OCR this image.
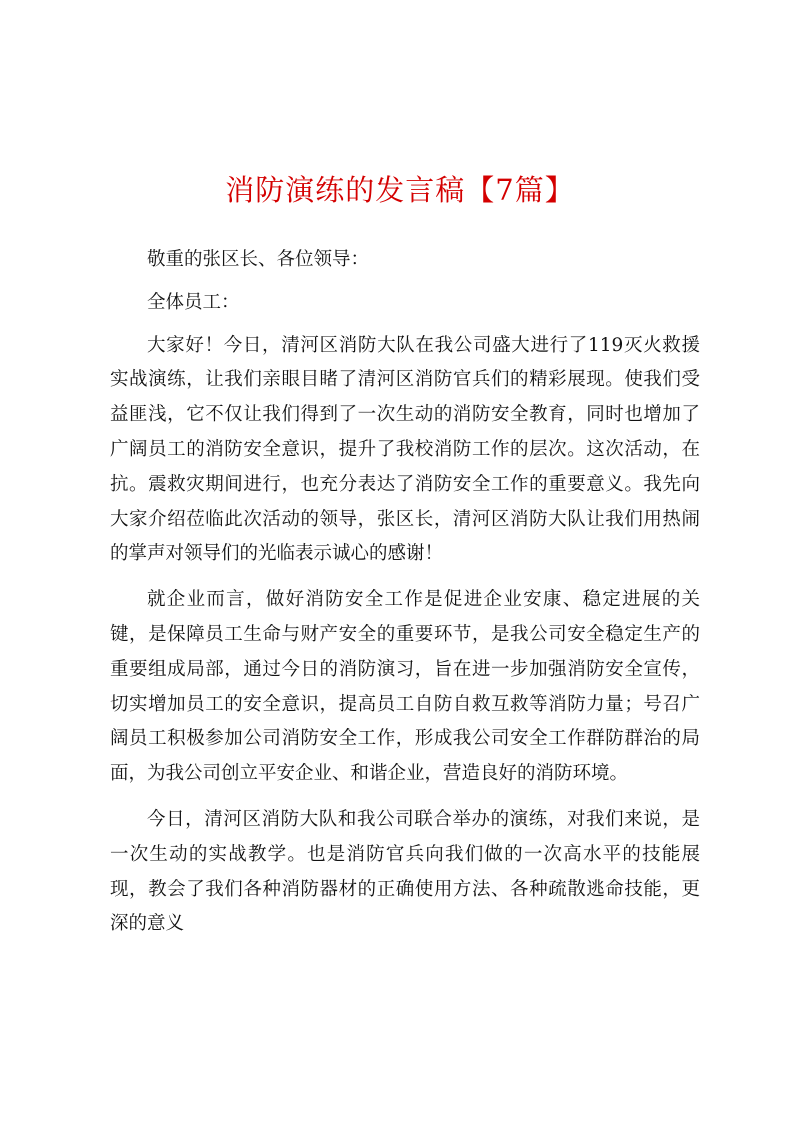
消防演练的发言稿【7篇】

敬重的张区长、各位领导：

全体员工：

大家好！今日，清河区消防大队在我公司盛大进行了119灭火救援实战演练，让我们亲眼目睹了清河区消防官兵们的精彩展现。使我们受益匪浅，它不仅让我们得到了一次生动的消防安全教育，同时也增加了广阔员工的消防安全意识，提升了我校消防工作的层次。这次活动，在抗。震救灾期间进行，也充分表达了消防安全工作的重要意义。我先向大家介绍莅临此次活动的领导，张区长，清河区消防大队让我们用热闹的掌声对领导们的光临表示诚心的感谢！

就企业而言，做好消防安全工作是促进企业安康、稳定进展的关键，是保障员工生命与财产安全的重要环节，是我公司安全稳定生产的重要组成局部，通过今日的消防演习，旨在进一步加强消防安全宣传，切实增加员工的安全意识，提高员工自防自救互救等消防力量；号召广阔员工积极参加公司消防安全工作，形成我公司安全工作群防群治的局面，为我公司创立平安企业、和谐企业，营造良好的消防环境。

今日，清河区消防大队和我公司联合举办的演练，对我们来说，是一次生动的实战教学。也是消防官兵向我们做的一次高水平的技能展现，教会了我们各种消防器材的正确使用方法、各种疏散逃命技能，更深的意义
